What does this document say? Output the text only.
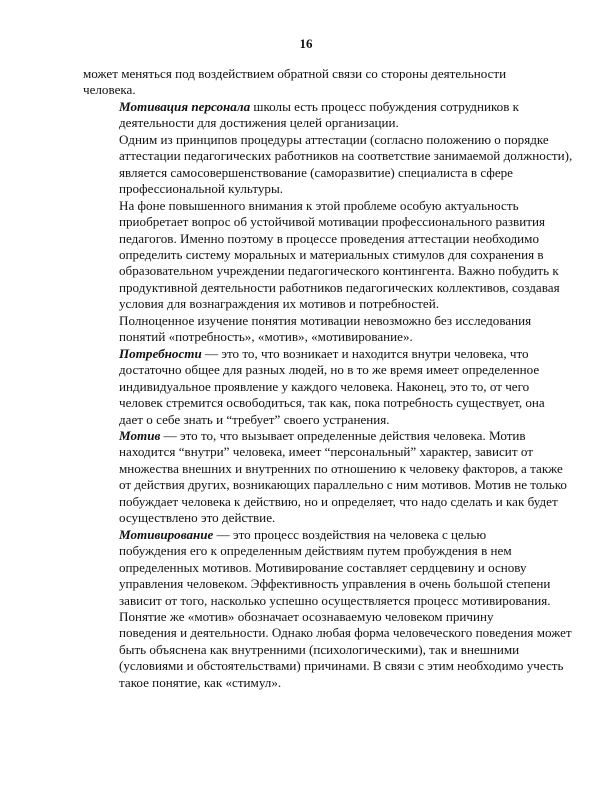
16

может меняться под воздействием обратной связи со стороны деятельности
человека.

Мотивация персонала школы есть процесс побуждения сотрудников к
деятельности для достижения целей организации.

Одним из принципов процедуры аттестации (согласно положению о порядке
аттестации педагогических работников на соответствие занимаемой должности),
является самосовершенствование (саморазвитие) специалиста в сфере
профессиональной культуры.

На фоне повышенного внимания к этой проблеме особую актуальность
приобретает вопрос об устойчивой мотивации профессионального развития
педагогов. Именно поэтому в процессе проведения аттестации необходимо
определить систему моральных и материальных стимулов для сохранения в
образовательном учреждении педагогического контингента. Важно побудить к
продуктивной деятельности работников педагогических коллективов, создавая
условия для вознаграждения их мотивов и потребностей.

Полноценное изучение понятия мотивации невозможно без исследования
понятий «потребность», «мотив», «мотивирование».

Потребности — это то, что возникает и находится внутри человека, что
достаточно общее для разных людей, но в то же время имеет определенное
индивидуальное проявление у каждого человека. Наконец, это то, от чего
человек стремится освободиться, так как, пока потребность существует, она
дает о себе знать и “требует” своего устранения.

Мотив — это то, что вызывает определенные действия человека. Мотив
находится “внутри” человека, имеет “персональный” характер, зависит от
множества внешних и внутренних по отношению к человеку факторов, а также
от действия других, возникающих параллельно с ним мотивов. Мотив не только
побуждает человека к действию, но и определяет, что надо сделать и как будет
осуществлено это действие.

Мотивирование — это процесс воздействия на человека с целью
побуждения его к определенным действиям путем пробуждения в нем
определенных мотивов. Мотивирование составляет сердцевину и основу
управления человеком. Эффективность управления в очень большой степени
зависит от того, насколько успешно осуществляется процесс мотивирования.

Понятие же «мотив» обозначает осознаваемую человеком причину
поведения и деятельности. Однако любая форма человеческого поведения может
быть объяснена как внутренними (психологическими), так и внешними
(условиями и обстоятельствами) причинами. В связи с этим необходимо учесть
такое понятие, как «стимул».
